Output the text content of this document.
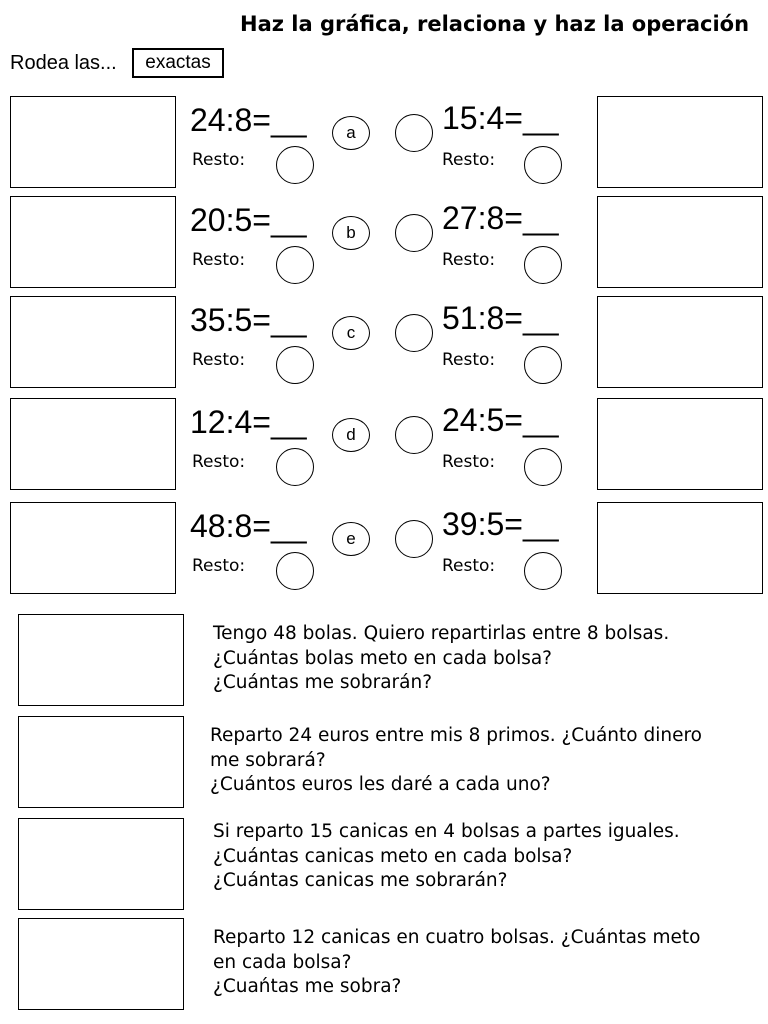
Haz la gráfica, relaciona y haz la operación
Rodea las...	exactas
24:8=__
Resto:
a	15:4=__
Resto:
20:5=__
Resto:
b	27:8=__
Resto:
35:5=__
Resto:
c	51:8=__
Resto:
12:4=__
Resto:
d	24:5=__
Resto:
48:8=__
Resto:
e	39:5=__
Resto:
Tengo 48 bolas. Quiero repartirlas entre 8 bolsas.
¿Cuántas bolas meto en cada bolsa?
¿Cuántas me sobrarán?
Reparto 24 euros entre mis 8 primos. ¿Cuánto dinero
me sobrará?
¿Cuántos euros les daré a cada uno?
Si reparto 15 canicas en 4 bolsas a partes iguales.
¿Cuántas canicas meto en cada bolsa?
¿Cuántas canicas me sobrarán?
Reparto 12 canicas en cuatro bolsas. ¿Cuántas meto
en cada bolsa?
¿Cuańtas me sobra?
